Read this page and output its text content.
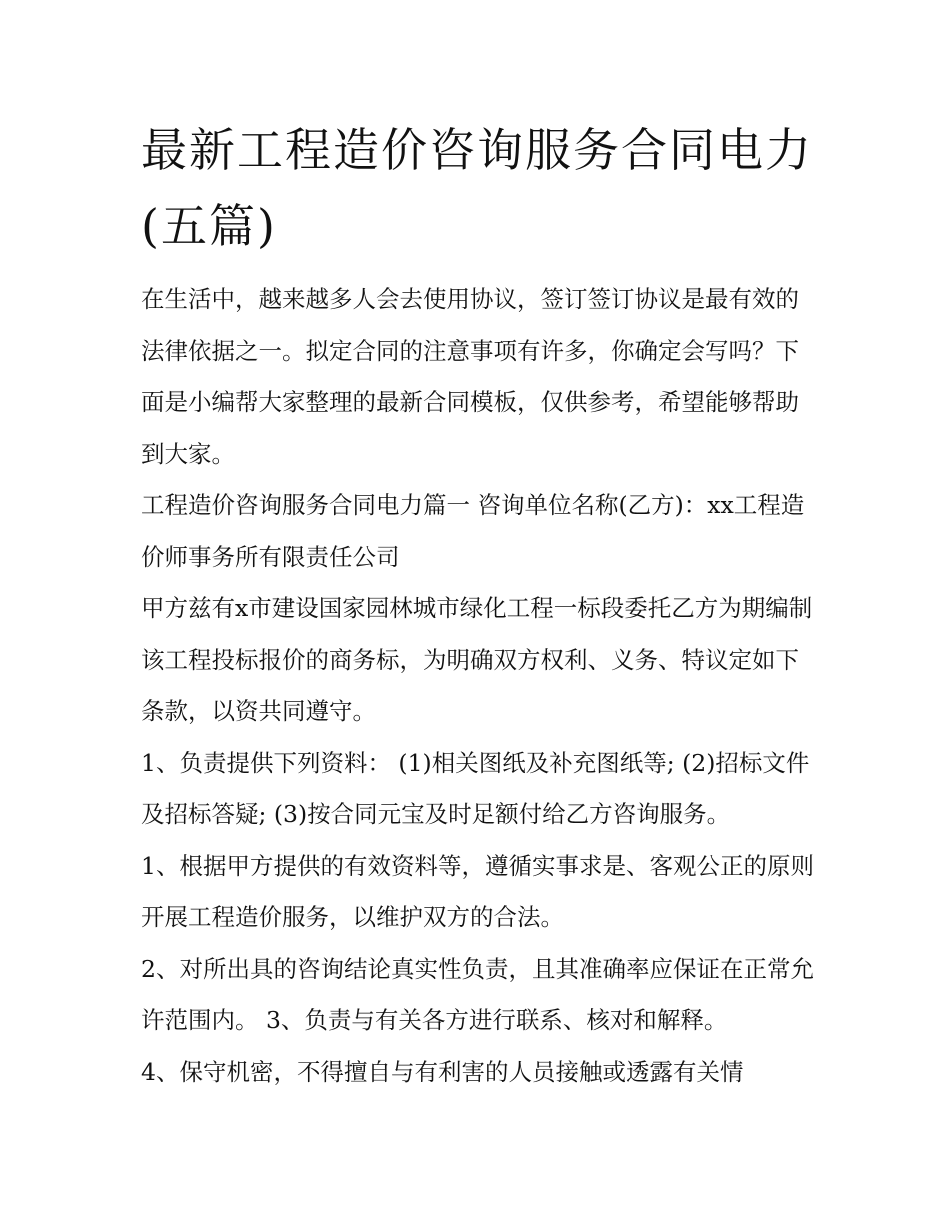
最新工程造价咨询服务合同电力(五篇)

在生活中，越来越多人会去使用协议，签订签订协议是最有效的法律依据之一。拟定合同的注意事项有许多，你确定会写吗？下面是小编帮大家整理的最新合同模板，仅供参考，希望能够帮助到大家。

工程造价咨询服务合同电力篇一 咨询单位名称(乙方)：xx工程造价师事务所有限责任公司

甲方兹有x市建设国家园林城市绿化工程一标段委托乙方为期编制该工程投标报价的商务标，为明确双方权利、义务、特议定如下条款，以资共同遵守。

1、负责提供下列资料： (1)相关图纸及补充图纸等; (2)招标文件及招标答疑; (3)按合同元宝及时足额付给乙方咨询服务。

1、根据甲方提供的有效资料等，遵循实事求是、客观公正的原则开展工程造价服务，以维护双方的合法。

2、对所出具的咨询结论真实性负责，且其准确率应保证在正常允许范围内。 3、负责与有关各方进行联系、核对和解释。

4、保守机密，不得擅自与有利害的人员接触或透露有关情
